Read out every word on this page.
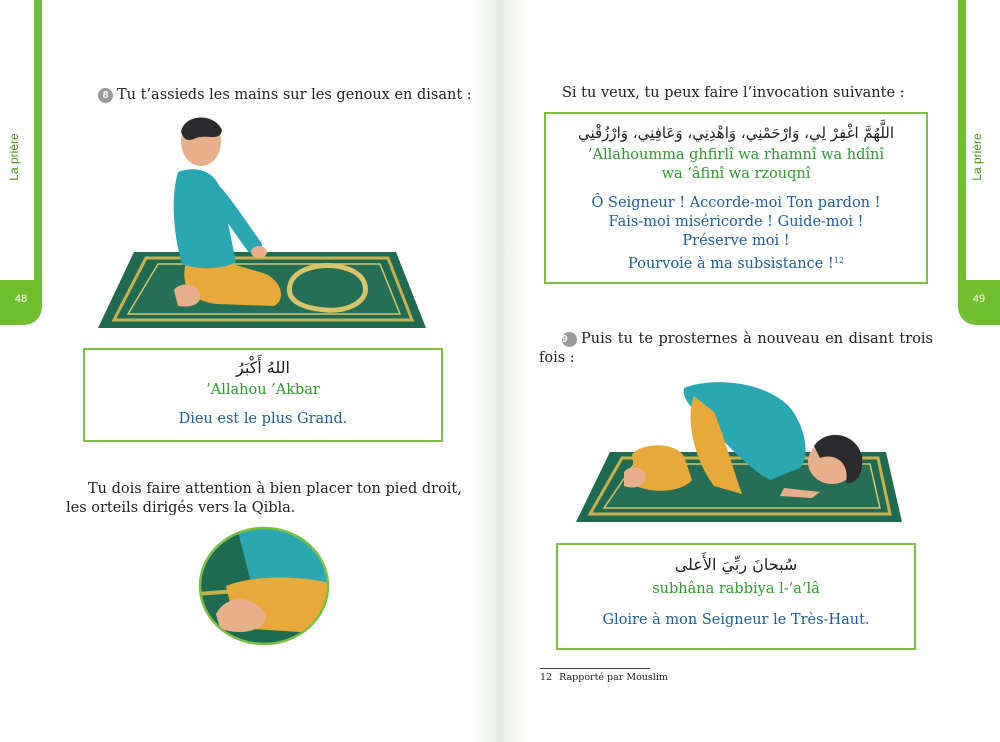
La prière
48
La prière
49
8 Tu t’assieds les mains sur les genoux en disant :
اللهُ أَكْبَرُ
’Allahou ’Akbar
Dieu est le plus Grand.
Tu dois faire attention à bien placer ton pied droit,
les orteils dirigés vers la Qibla.
Si tu veux, tu peux faire l’invocation suivante :
اللَّهُمَّ اغْفِرْ لِي، وَارْحَمْنِي، وَاهْدِنِي، وَعَافِنِي، وَارْزُقْنِي
’Allahoumma ghfirlî wa rhamnî wa hdînî
wa ‘âfinî wa rzouqnî
Ô Seigneur ! Accorde-moi Ton pardon !
Fais-moi miséricorde ! Guide-moi !
Préserve moi !
Pourvoie à ma subsistance !$^{12}$
9 Puis tu te prosternes à nouveau en disant trois
fois :
سُبحانَ ربِّيَ الأَعلى
subhâna rabbiya l-’a‘lâ
Gloire à mon Seigneur le Très-Haut.
12 Rapporté par Mouslim
